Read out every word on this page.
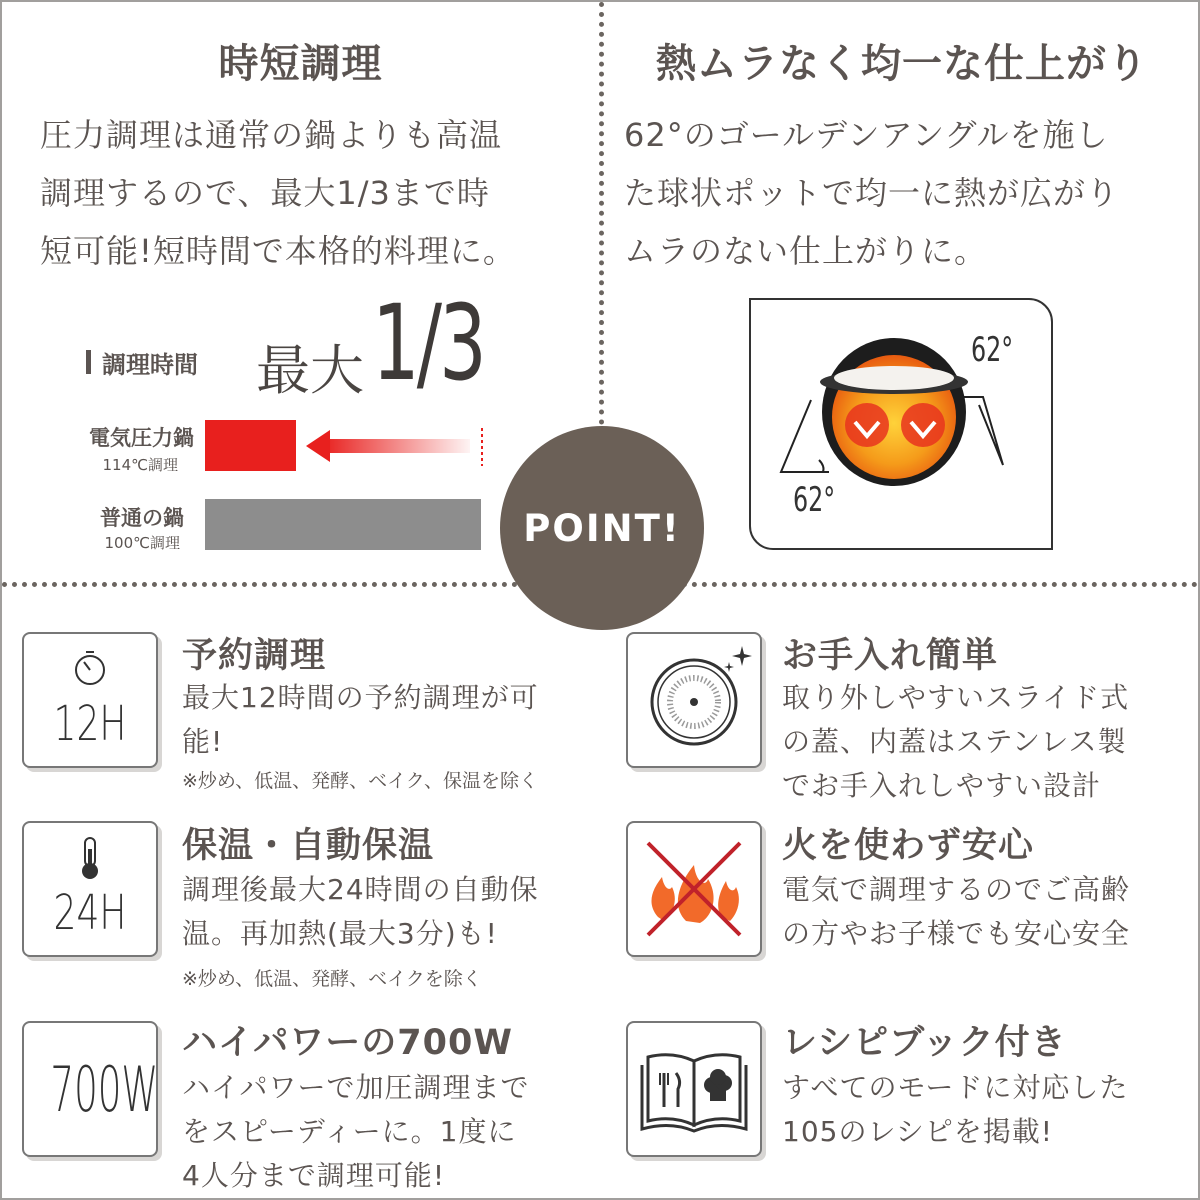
時短調理
圧力調理は通常の鍋よりも高温
調理するので、最大1/3まで時
短可能!短時間で本格的料理に。
調理時間 最大 1/3
電気圧力鍋
114℃調理
普通の鍋
100℃調理
熱ムラなく均一な仕上がり
62°のゴールデンアングルを施し
た球状ポットで均一に熱が広がり
ムラのない仕上がりに。
62°
62°
POINT!
12H
予約調理
最大12時間の予約調理が可
能!
※炒め、低温、発酵、ベイク、保温を除く
24H
保温・自動保温
調理後最大24時間の自動保
温。再加熱(最大3分)も!
※炒め、低温、発酵、ベイクを除く
700W
ハイパワーの700W
ハイパワーで加圧調理まで
をスピーディーに。1度に
4人分まで調理可能!
お手入れ簡単
取り外しやすいスライド式
の蓋、内蓋はステンレス製
でお手入れしやすい設計
火を使わず安心
電気で調理するのでご高齢
の方やお子様でも安心安全
レシピブック付き
すべてのモードに対応した
105のレシピを掲載!
